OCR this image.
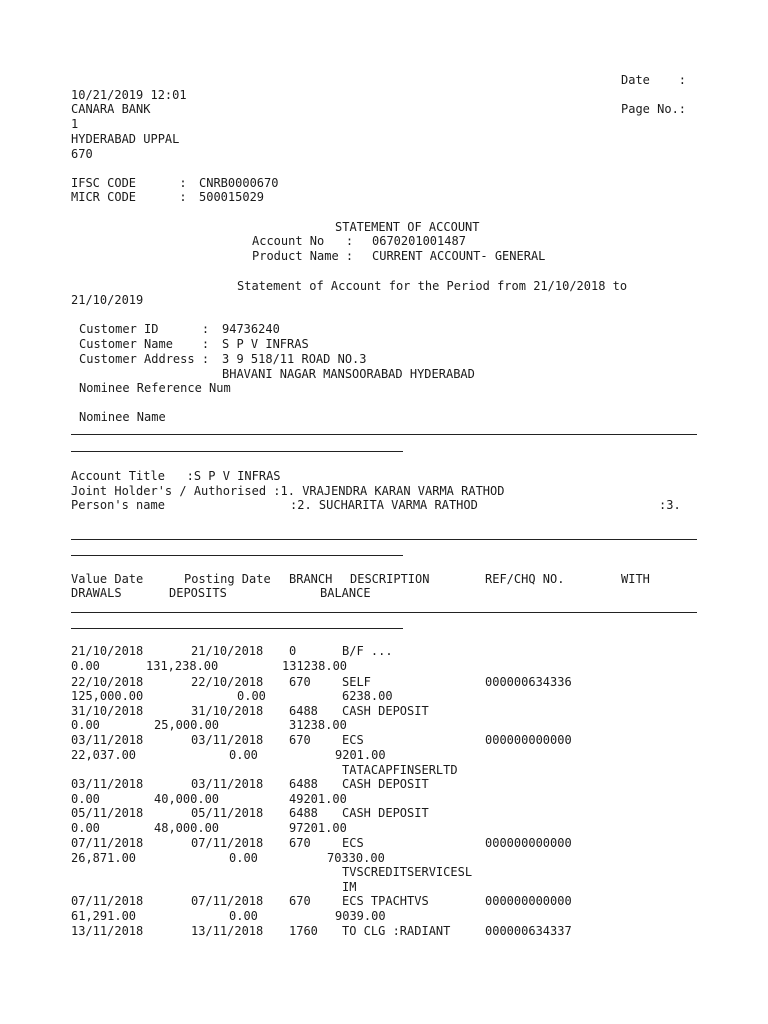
Date    :
10/21/2019 12:01
CANARA BANK	Page No.:
1
HYDERABAD UPPAL
670
IFSC CODE      : CNRB0000670
MICR CODE      : 500015029
STATEMENT OF ACCOUNT
Account No   : 0670201001487
Product Name : CURRENT ACCOUNT- GENERAL
Statement of Account for the Period from 21/10/2018 to
21/10/2019
Customer ID      : 94736240
Customer Name    : S P V INFRAS
Customer Address : 3 9 518/11 ROAD NO.3
BHAVANI NAGAR MANSOORABAD HYDERABAD
Nominee Reference Num
Nominee Name
Account Title   :S P V INFRAS
Joint Holder's / Authorised :1. VRAJENDRA KARAN VARMA RATHOD
Person's name	:2. SUCHARITA VARMA RATHOD	:3.
Value Date	Posting Date BRANCH DESCRIPTION	REF/CHQ NO.	WITH
DRAWALS	DEPOSITS	BALANCE
21/10/2018	21/10/2018 0	B/F ...
0.00	131,238.00	131238.00
22/10/2018	22/10/2018 670	SELF	000000634336
125,000.00	0.00	6238.00
31/10/2018	31/10/2018 6488 CASH DEPOSIT
0.00	25,000.00	31238.00
03/11/2018	03/11/2018 670	ECS	000000000000
22,037.00	0.00	9201.00
TATACAPFINSERLTD
03/11/2018	03/11/2018 6488 CASH DEPOSIT
0.00	40,000.00	49201.00
05/11/2018	05/11/2018 6488 CASH DEPOSIT
0.00	48,000.00	97201.00
07/11/2018	07/11/2018 670	ECS	000000000000
26,871.00	0.00	70330.00
TVSCREDITSERVICESL
IM
07/11/2018	07/11/2018 670	ECS TPACHTVS	000000000000
61,291.00	0.00	9039.00
13/11/2018	13/11/2018 1760 TO CLG :RADIANT	000000634337
